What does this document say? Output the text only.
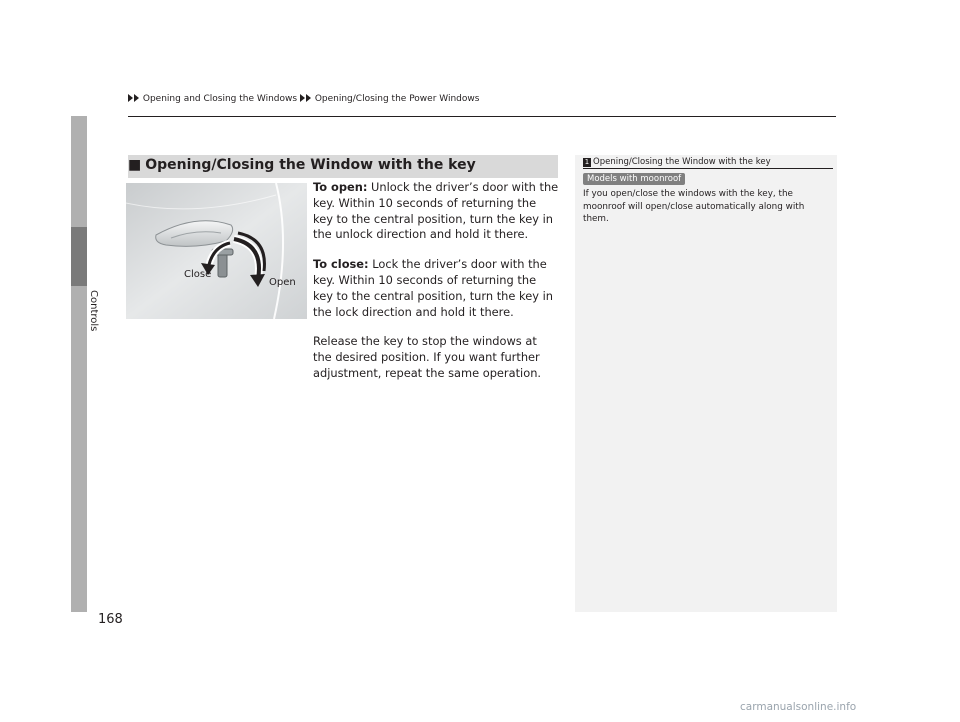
Opening and Closing the Windows Opening/Closing the Power Windows
Controls
168
■ Opening/Closing the Window with the key
Close
Open

To open: Unlock the driver’s door with the key. Within 10 seconds of returning the key to the central position, turn the key in the unlock direction and hold it there.

To close: Lock the driver’s door with the key. Within 10 seconds of returning the key to the central position, turn the key in the lock direction and hold it there.

Release the key to stop the windows at the desired position. If you want further adjustment, repeat the same operation.

1 Opening/Closing the Window with the key
Models with moonroof
If you open/close the windows with the key, the moonroof will open/close automatically along with them.
carmanualsonline.info
